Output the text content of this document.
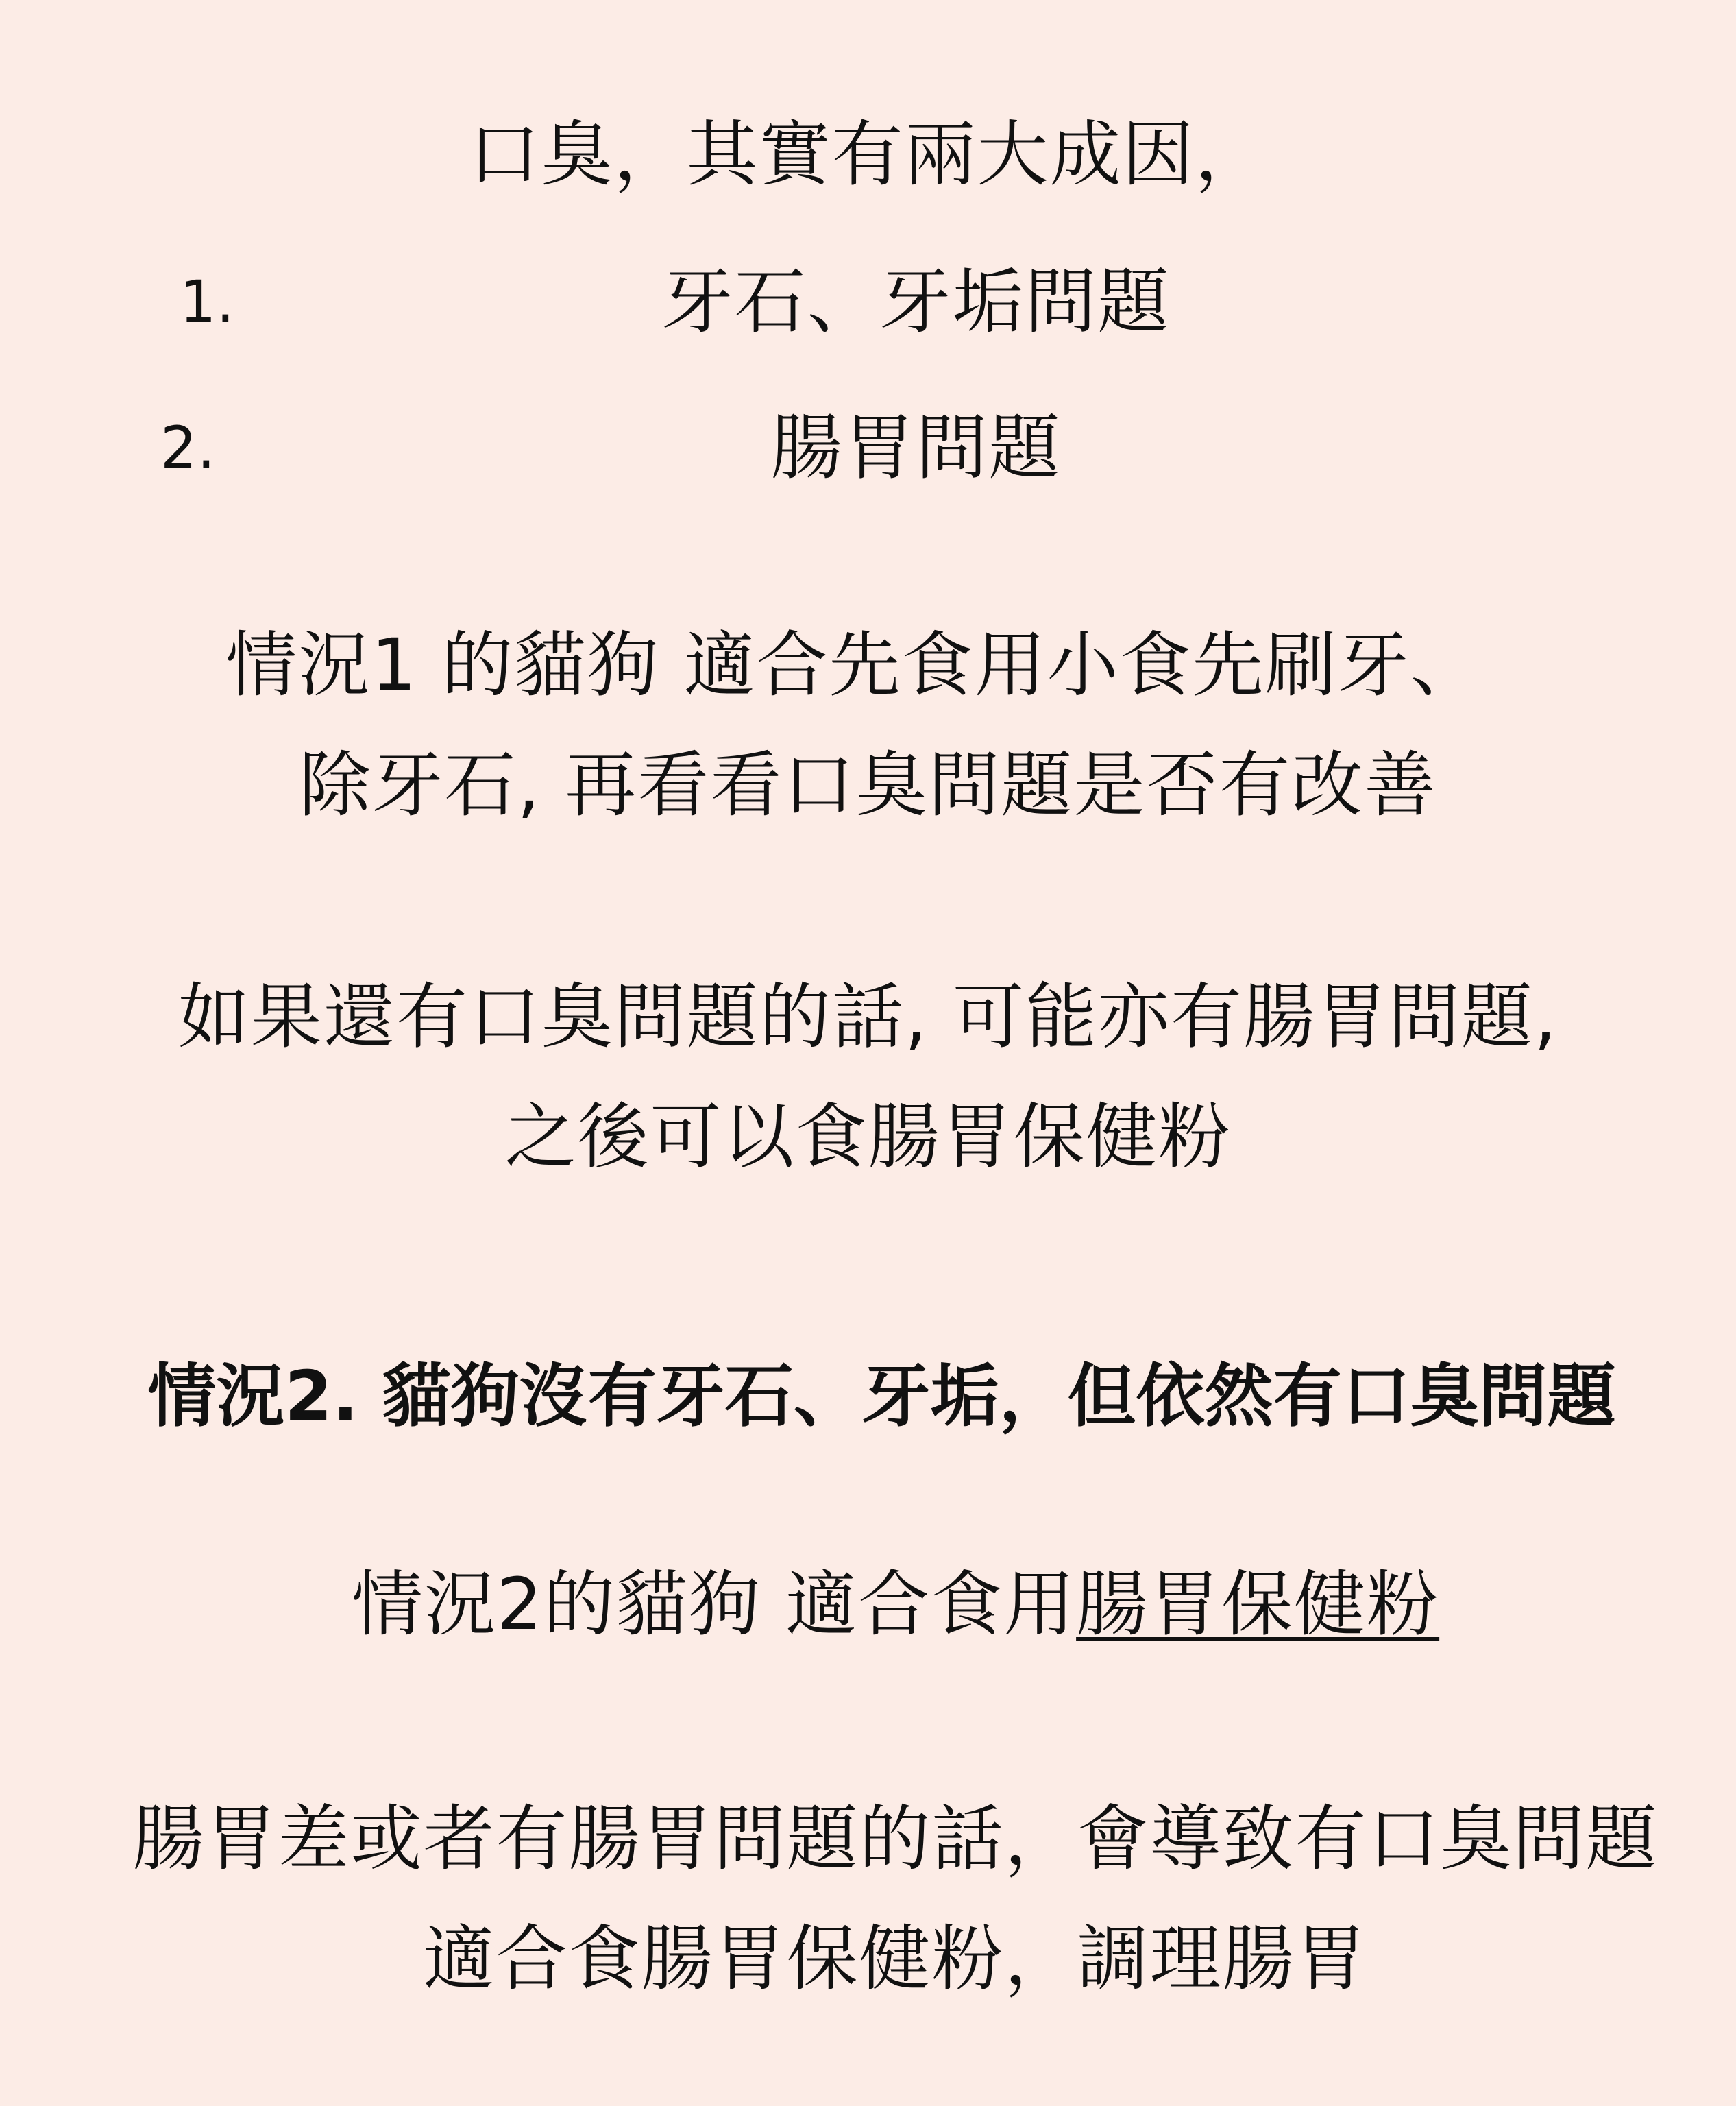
口臭，其實有兩大成因，
1.	牙石、牙垢問題
2.	腸胃問題
情況1 的貓狗 適合先食用小食先刷牙、
除牙石, 再看看口臭問題是否有改善
如果還有口臭問題的話, 可能亦有腸胃問題,
之後可以食腸胃保健粉
情況2. 貓狗沒有牙石、牙垢，但依然有口臭問題
情況2的貓狗 適合食用腸胃保健粉
腸胃差或者有腸胃問題的話，會導致有口臭問題
適合食腸胃保健粉，調理腸胃
